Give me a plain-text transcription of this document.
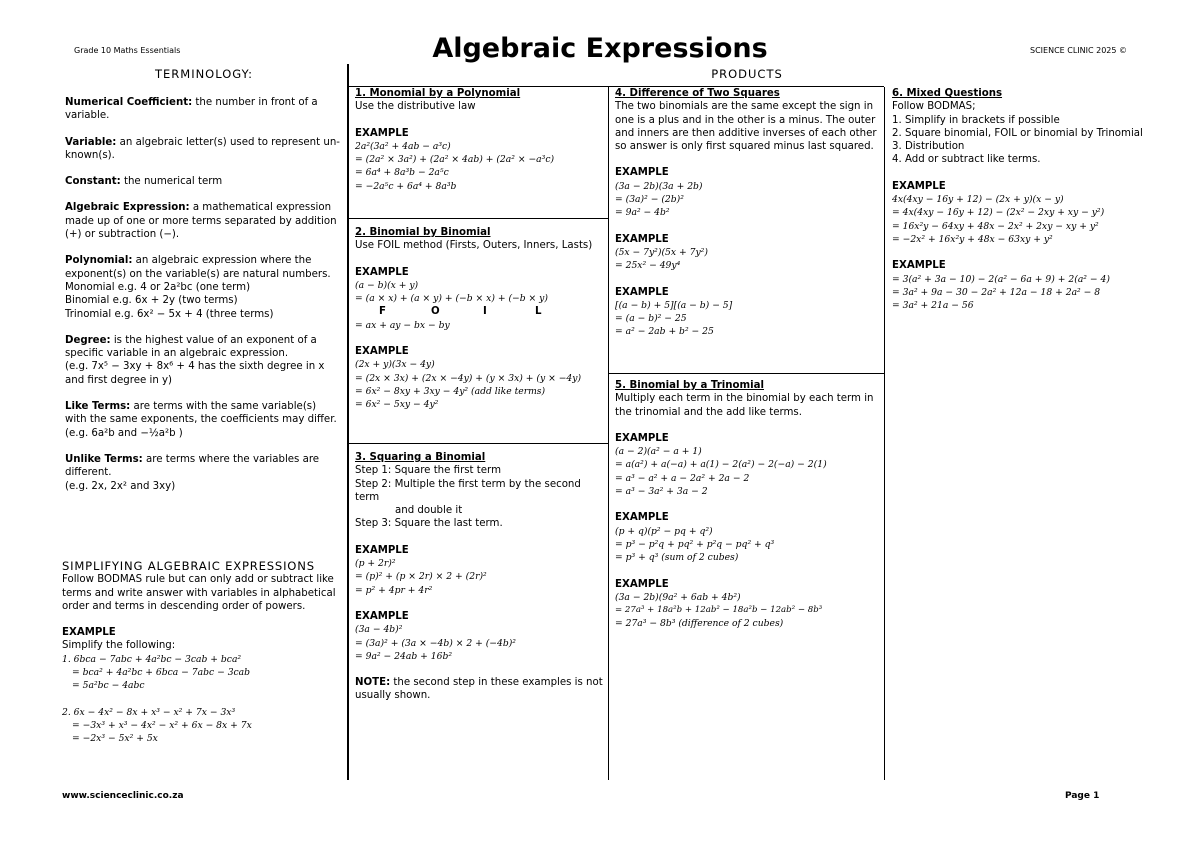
Grade 10 Maths Essentials	Algebraic Expressions	SCIENCE CLINIC 2025 ©
TERMINOLOGY:	PRODUCTS

Numerical Coefficient: the number in front of a variable.

Variable: an algebraic letter(s) used to represent un-known(s).

Constant: the numerical term

Algebraic Expression: a mathematical expression made up of one or more terms separated by addition (+) or subtraction (−).

Polynomial: an algebraic expression where the exponent(s) on the variable(s) are natural numbers.

Monomial e.g. 4 or 2a²bc (one term)

Binomial e.g. 6x + 2y (two terms)

Trinomial e.g. 6x² − 5x + 4 (three terms)

Degree: is the highest value of an exponent of a specific variable in an algebraic expression.

(e.g. 7x⁵ − 3xy + 8x⁶ + 4 has the sixth degree in x

and first degree in y)

Like Terms: are terms with the same variable(s) with the same exponents, the coefficients may differ.

(e.g. 6a²b and −½a²b )

Unlike Terms: are terms where the variables are different.

(e.g. 2x, 2x² and 3xy)

SIMPLIFYING ALGEBRAIC EXPRESSIONS

Follow BODMAS rule but can only add or subtract like terms and write answer with variables in alphabetical order and terms in descending order of powers.

EXAMPLE

Simplify the following:

1. 6bca − 7abc + 4a²bc − 3cab + bca²

= bca² + 4a²bc + 6bca − 7abc − 3cab

= 5a²bc − 4abc

2. 6x − 4x² − 8x + x³ − x² + 7x − 3x³

= −3x³ + x³ − 4x² − x² + 6x − 8x + 7x

= −2x³ − 5x² + 5x

1. Monomial by a Polynomial

Use the distributive law

EXAMPLE

2a²(3a² + 4ab − a³c)

= (2a² × 3a²) + (2a² × 4ab) + (2a² × −a³c)

= 6a⁴ + 8a³b − 2a⁵c

= −2a⁵c + 6a⁴ + 8a³b

2. Binomial by Binomial

Use FOIL method (Firsts, Outers, Inners, Lasts)

EXAMPLE

(a − b)(x + y)

= (a × x) + (a × y) + (−b × x) + (−b × y)

F	O	I	L

= ax + ay − bx − by

EXAMPLE

(2x + y)(3x − 4y)

= (2x × 3x) + (2x × −4y) + (y × 3x) + (y × −4y)

= 6x² − 8xy + 3xy − 4y² (add like terms)

= 6x² − 5xy − 4y²

3. Squaring a Binomial

Step 1: Square the first term

Step 2: Multiple the first term by the second term

and double it

Step 3: Square the last term.

EXAMPLE

(p + 2r)²

= (p)² + (p × 2r) × 2 + (2r)²

= p² + 4pr + 4r²

EXAMPLE

(3a − 4b)²

= (3a)² + (3a × −4b) × 2 + (−4b)²

= 9a² − 24ab + 16b²

NOTE: the second step in these examples is not usually shown.

4. Difference of Two Squares

The two binomials are the same except the sign in one is a plus and in the other is a minus. The outer and inners are then additive inverses of each other so answer is only first squared minus last squared.

EXAMPLE

(3a − 2b)(3a + 2b)

= (3a)² − (2b)²

= 9a² − 4b²

EXAMPLE

(5x − 7y²)(5x + 7y²)

= 25x² − 49y⁴

EXAMPLE

[(a − b) + 5][(a − b) − 5]

= (a − b)² − 25

= a² − 2ab + b² − 25

5. Binomial by a Trinomial

Multiply each term in the binomial by each term in the trinomial and the add like terms.

EXAMPLE

(a − 2)(a² − a + 1)

= a(a²) + a(−a) + a(1) − 2(a²) − 2(−a) − 2(1)

= a³ − a² + a − 2a² + 2a − 2

= a³ − 3a² + 3a − 2

EXAMPLE

(p + q)(p² − pq + q²)

= p³ − p²q + pq² + p²q − pq² + q³

= p³ + q³ (sum of 2 cubes)

EXAMPLE

(3a − 2b)(9a² + 6ab + 4b²)

= 27a³ + 18a²b + 12ab² − 18a²b − 12ab² − 8b³

= 27a³ − 8b³ (difference of 2 cubes)

6. Mixed Questions

Follow BODMAS;

1. Simplify in brackets if possible

2. Square binomial, FOIL or binomial by Trinomial

3. Distribution

4. Add or subtract like terms.

EXAMPLE

4x(4xy − 16y + 12) − (2x + y)(x − y)

= 4x(4xy − 16y + 12) − (2x² − 2xy + xy − y²)

= 16x²y − 64xy + 48x − 2x² + 2xy − xy + y²

= −2x² + 16x²y + 48x − 63xy + y²

EXAMPLE

= 3(a² + 3a − 10) − 2(a² − 6a + 9) + 2(a² − 4)

= 3a² + 9a − 30 − 2a² + 12a − 18 + 2a² − 8

= 3a² + 21a − 56

www.scienceclinic.co.za	Page 1
